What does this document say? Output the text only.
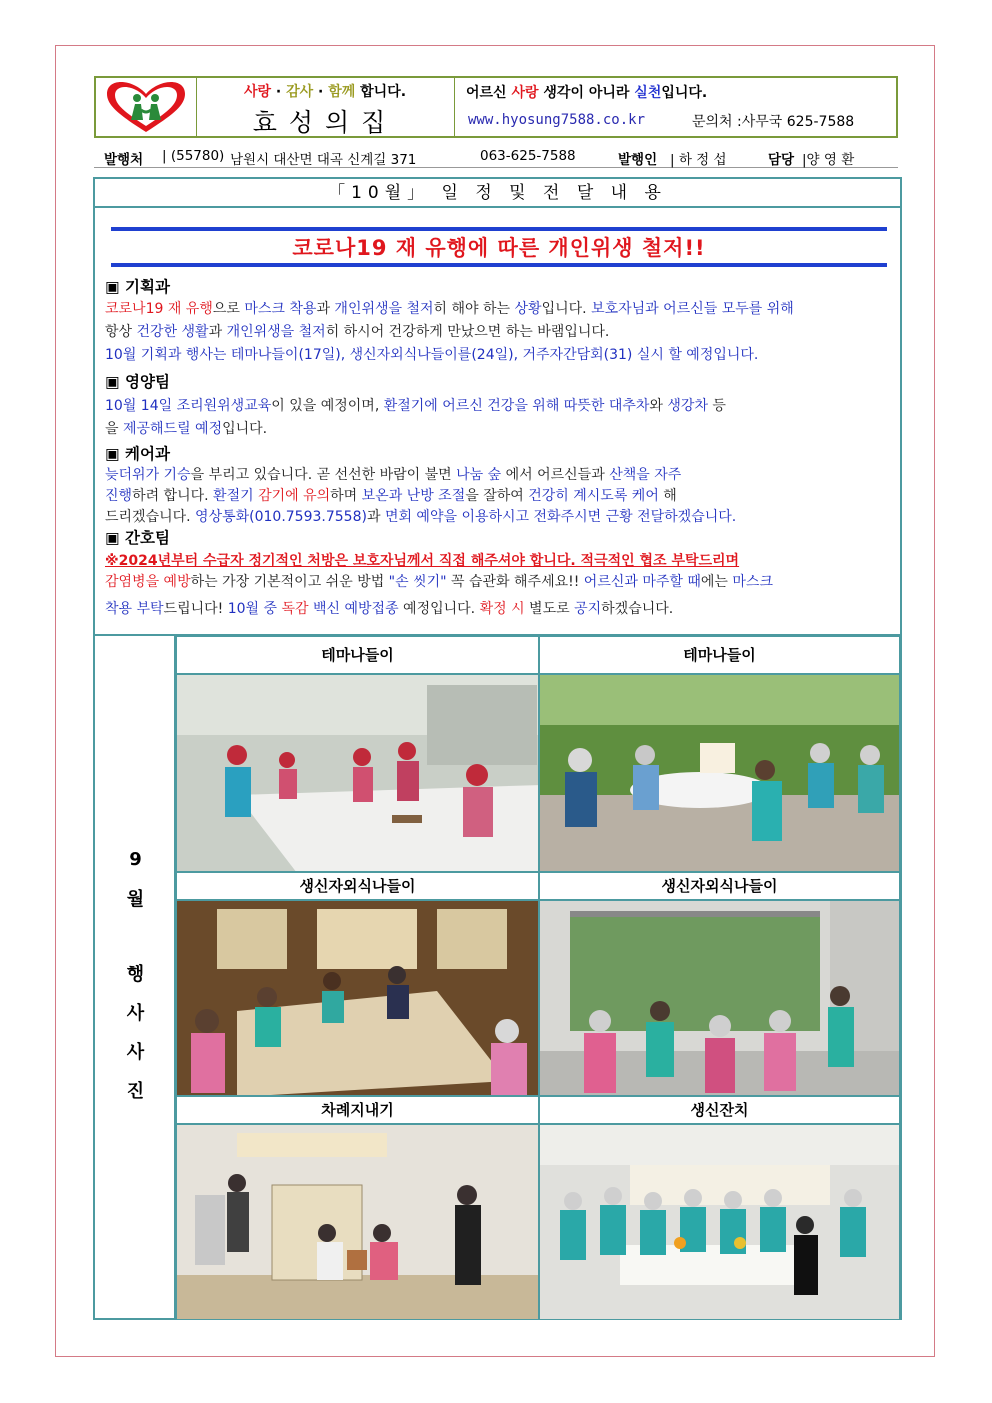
사랑 · 감사 · 함께 합니다.
효성의집
어르신 사랑 생각이 아니라 실천입니다.
www.hyosung7588.co.kr	문의처 :사무국 625-7588
발행처 | (55780) 남원시 대산면 대곡 신계길 371	063-625-7588	발행인 | 하 정 섭	담당 |양 영 환
「10월」 일 정 및 전 달 내 용
코로나19 재 유행에 따른 개인위생 철저!!
▣ 기획과
코로나19 재 유행으로 마스크 착용과 개인위생을 철저히 해야 하는 상황입니다. 보호자님과 어르신들 모두를 위해
항상 건강한 생활과 개인위생을 철저히 하시어 건강하게 만났으면 하는 바램입니다.
10월 기획과 행사는 테마나들이(17일), 생신자외식나들이를(24일), 거주자간담회(31) 실시 할 예정입니다.
▣ 영양팀
10월 14일 조리원위생교육이 있을 예정이며, 환절기에 어르신 건강을 위해 따뜻한 대추차와 생강차 등
을 제공해드릴 예정입니다.
▣ 케어과
늦더위가 기승을 부리고 있습니다. 곧 선선한 바람이 불면 나눔 숲 에서 어르신들과 산책을 자주
진행하려 합니다. 환절기 감기에 유의하며 보온과 난방 조절을 잘하여 건강히 계시도록 케어 해
드리겠습니다. 영상통화(010.7593.7558)과 면회 예약을 이용하시고 전화주시면 근황 전달하겠습니다.
▣ 간호팀
※2024년부터 수급자 정기적인 처방은 보호자님께서 직접 해주셔야 합니다. 적극적인 협조 부탁드리며
감염병을 예방하는 가장 기본적이고 쉬운 방법 "손 씻기" 꼭 습관화 해주세요!! 어르신과 마주할 때에는 마스크
착용 부탁드립니다! 10월 중 독감 백신 예방접종 예정입니다. 확정 시 별도로 공지하겠습니다.
9
월
행
사
사
진
테마나들이	테마나들이
생신자외식나들이	생신자외식나들이
차례지내기	생신잔치
